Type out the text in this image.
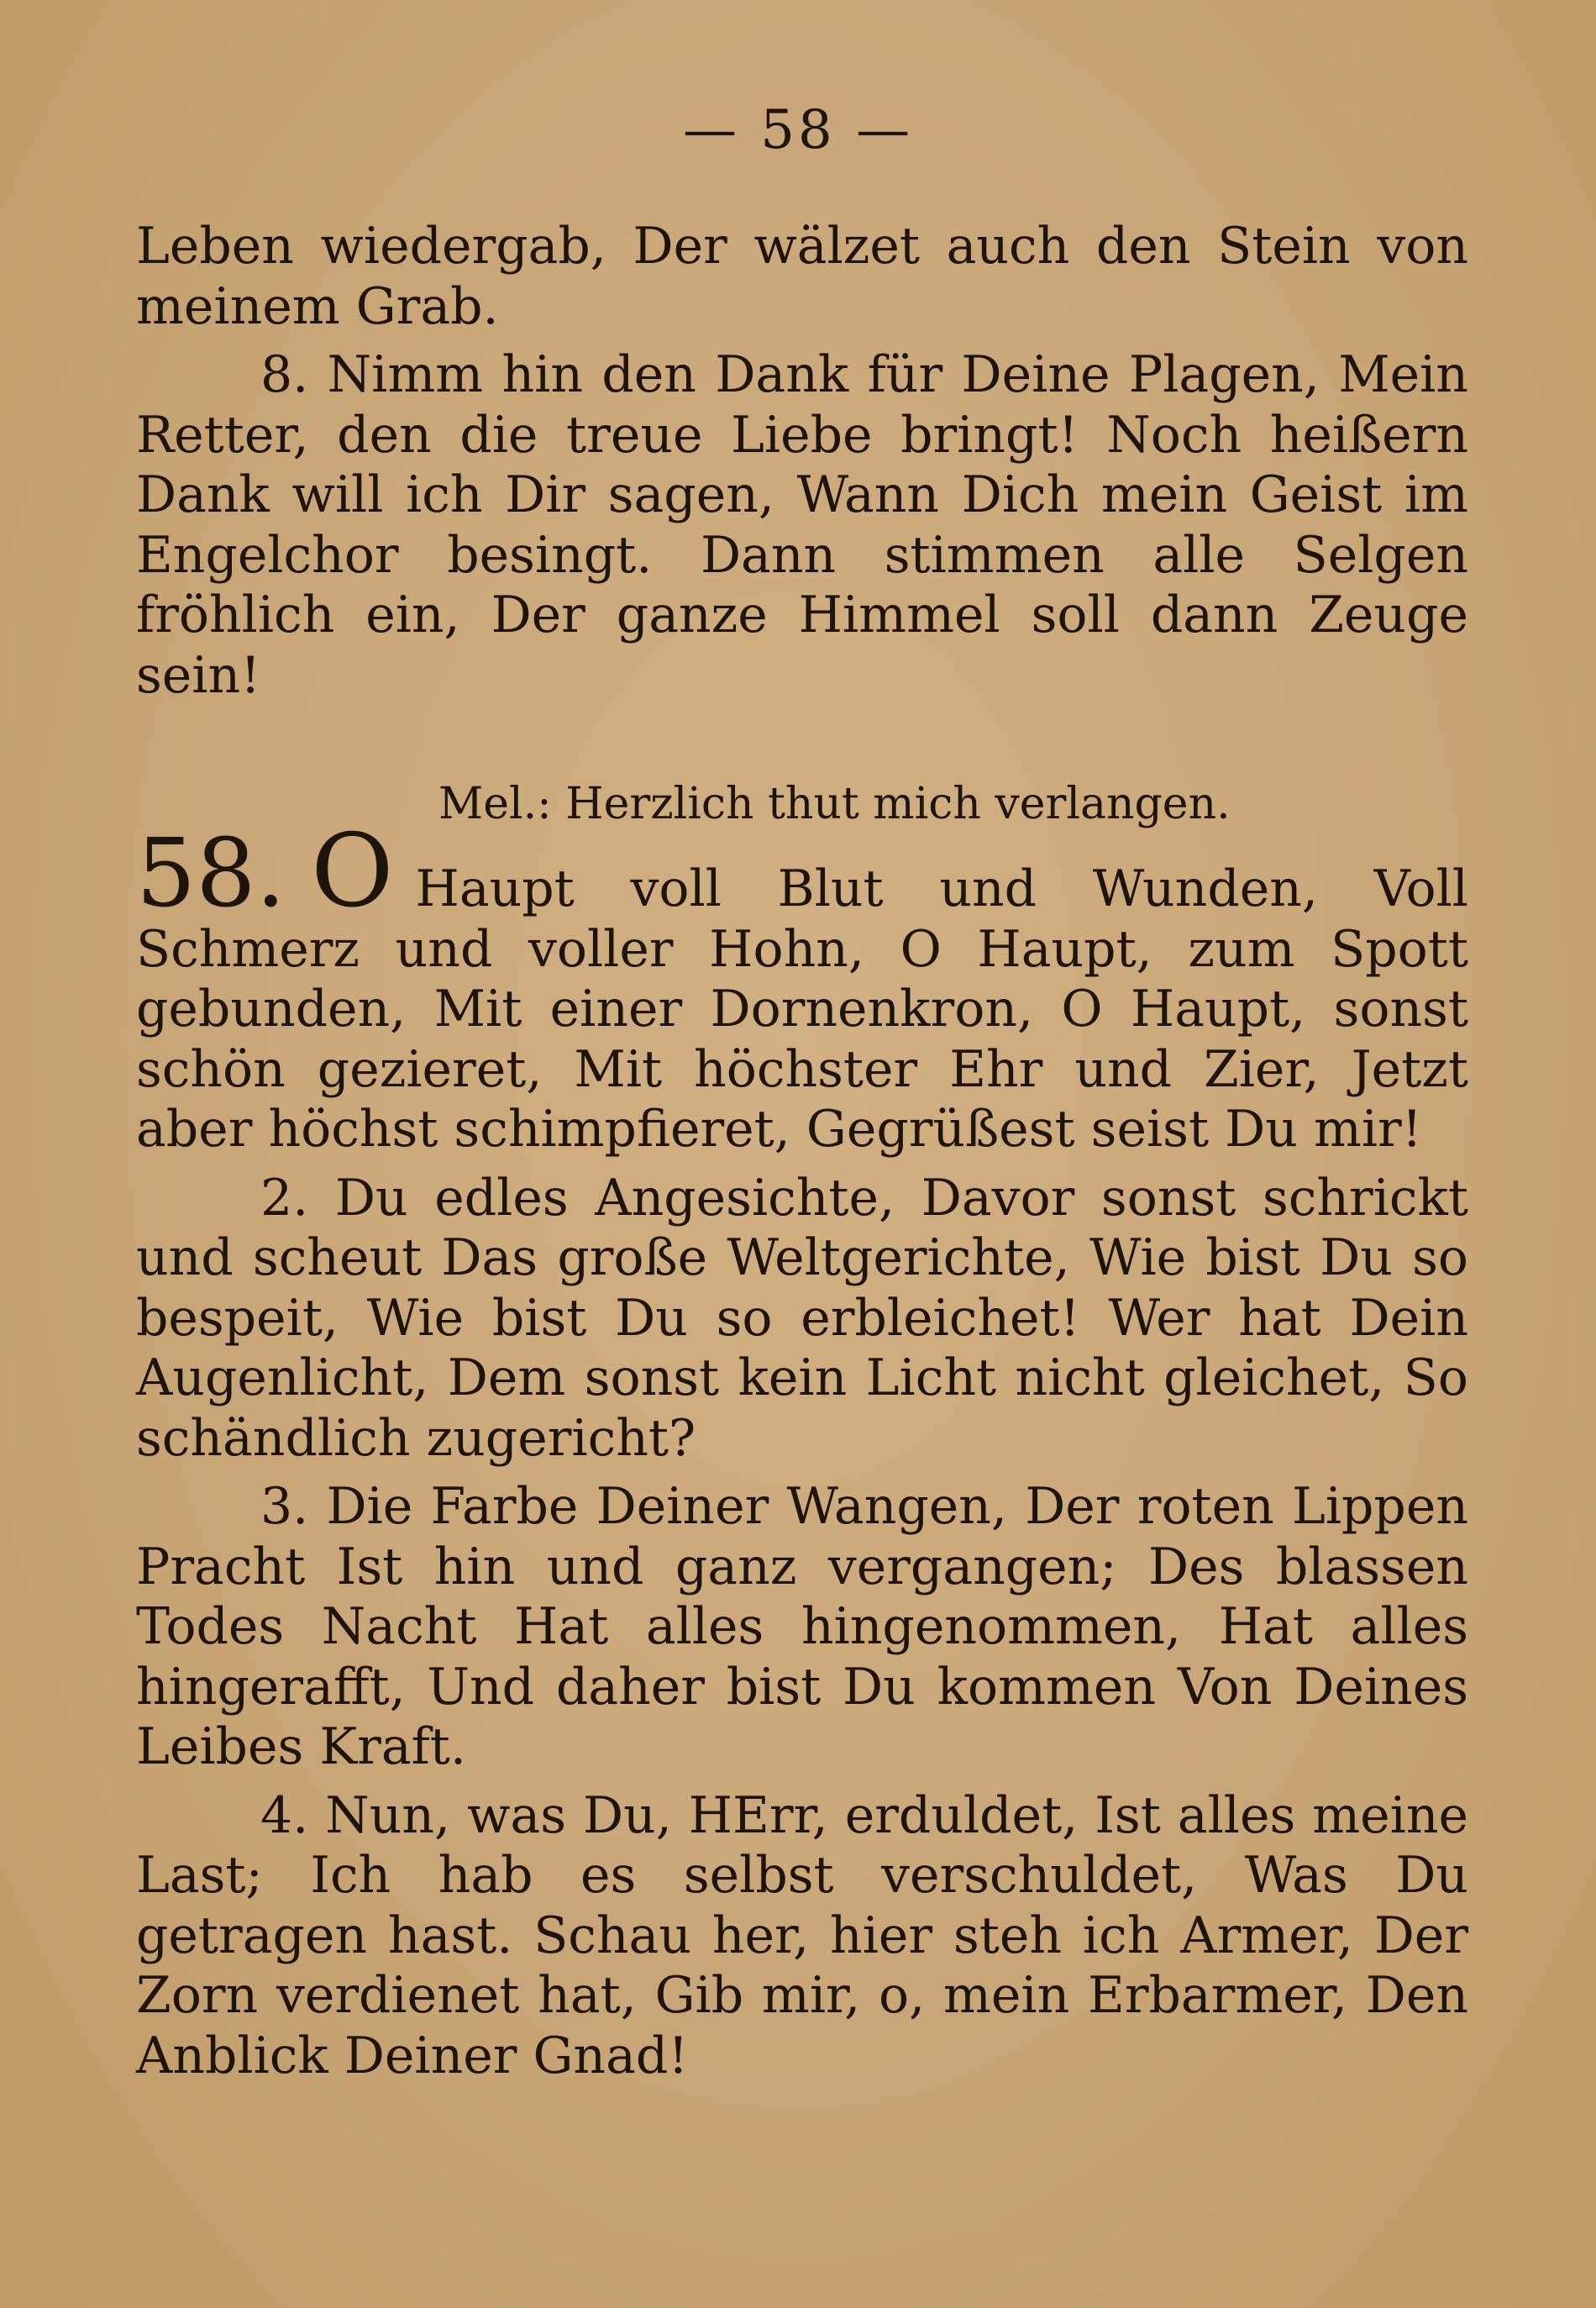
— 58 —

Leben wiedergab, Der wälzet auch den Stein von meinem Grab.

8. Nimm hin den Dank für Deine Plagen, Mein Retter, den die treue Liebe bringt! Noch heißern Dank will ich Dir sagen, Wann Dich mein Geist im Engelchor besingt. Dann stimmen alle Selgen fröhlich ein, Der ganze Himmel soll dann Zeuge sein!

Mel.: Herzlich thut mich verlangen.

58. O Haupt voll Blut und Wunden, Voll Schmerz und voller Hohn, O Haupt, zum Spott gebunden, Mit einer Dornenkron, O Haupt, sonst schön gezieret, Mit höchster Ehr und Zier, Jetzt aber höchst schimpfieret, Gegrüßest seist Du mir!

2. Du edles Angesichte, Davor sonst schrickt und scheut Das große Weltgerichte, Wie bist Du so bespeit, Wie bist Du so erbleichet! Wer hat Dein Augenlicht, Dem sonst kein Licht nicht gleichet, So schändlich zugericht?

3. Die Farbe Deiner Wangen, Der roten Lippen Pracht Ist hin und ganz vergangen; Des blassen Todes Nacht Hat alles hingenommen, Hat alles hingerafft, Und daher bist Du kommen Von Deines Leibes Kraft.

4. Nun, was Du, HErr, erduldet, Ist alles meine Last; Ich hab es selbst verschuldet, Was Du getragen hast. Schau her, hier steh ich Armer, Der Zorn verdienet hat, Gib mir, o, mein Erbarmer, Den Anblick Deiner Gnad!
